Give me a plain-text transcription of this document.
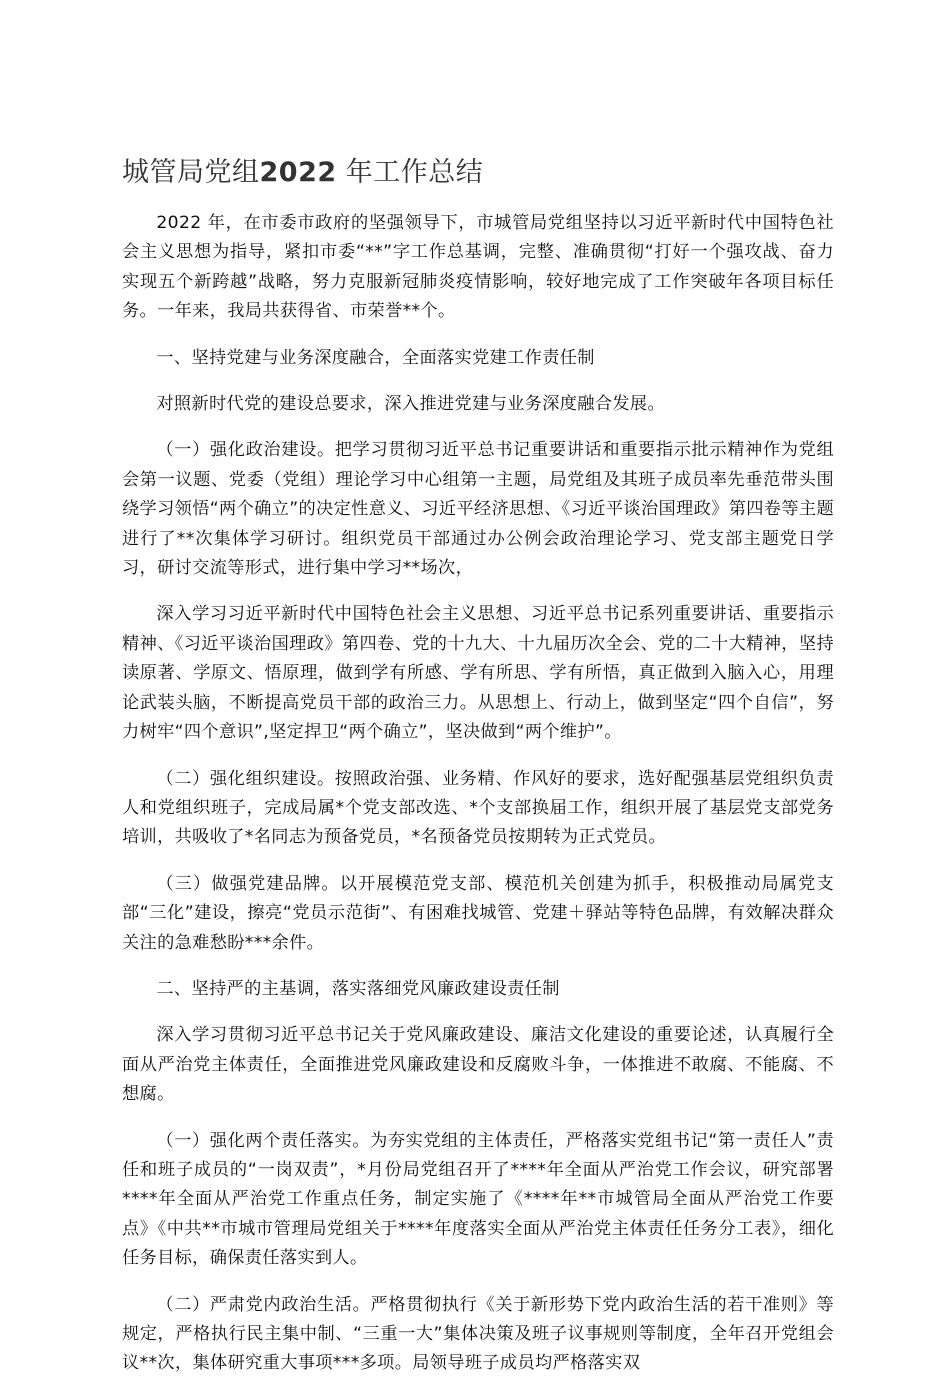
城管局党组2022 年工作总结

2022 年，在市委市政府的坚强领导下，市城管局党组坚持以习近平新时代中国特色社会主义思想为指导，紧扣市委“**”字工作总基调，完整、准确贯彻“打好一个强攻战、奋力实现五个新跨越”战略，努力克服新冠肺炎疫情影响，较好地完成了工作突破年各项目标任务。一年来，我局共获得省、市荣誉**个。

一、坚持党建与业务深度融合，全面落实党建工作责任制

对照新时代党的建设总要求，深入推进党建与业务深度融合发展。

（一）强化政治建设。把学习贯彻习近平总书记重要讲话和重要指示批示精神作为党组会第一议题、党委（党组）理论学习中心组第一主题，局党组及其班子成员率先垂范带头围绕学习领悟“两个确立”的决定性意义、习近平经济思想、《习近平谈治国理政》第四卷等主题进行了**次集体学习研讨。组织党员干部通过办公例会政治理论学习、党支部主题党日学习，研讨交流等形式，进行集中学习**场次，

深入学习习近平新时代中国特色社会主义思想、习近平总书记系列重要讲话、重要指示精神、《习近平谈治国理政》第四卷、党的十九大、十九届历次全会、党的二十大精神，坚持读原著、学原文、悟原理，做到学有所感、学有所思、学有所悟，真正做到入脑入心，用理论武装头脑，不断提高党员干部的政治三力。从思想上、行动上，做到坚定“四个自信”，努力树牢“四个意识”,坚定捍卫“两个确立”，坚决做到“两个维护”。

（二）强化组织建设。按照政治强、业务精、作风好的要求，选好配强基层党组织负责人和党组织班子，完成局属*个党支部改选、*个支部换届工作，组织开展了基层党支部党务培训，共吸收了*名同志为预备党员，*名预备党员按期转为正式党员。

（三）做强党建品牌。以开展模范党支部、模范机关创建为抓手，积极推动局属党支部“三化”建设，擦亮“党员示范街”、有困难找城管、党建＋驿站等特色品牌，有效解决群众关注的急难愁盼***余件。

二、坚持严的主基调，落实落细党风廉政建设责任制

深入学习贯彻习近平总书记关于党风廉政建设、廉洁文化建设的重要论述，认真履行全面从严治党主体责任，全面推进党风廉政建设和反腐败斗争，一体推进不敢腐、不能腐、不想腐。

（一）强化两个责任落实。为夯实党组的主体责任，严格落实党组书记“第一责任人”责任和班子成员的“一岗双责”，*月份局党组召开了****年全面从严治党工作会议，研究部署****年全面从严治党工作重点任务，制定实施了《****年**市城管局全面从严治党工作要点》《中共**市城市管理局党组关于****年度落实全面从严治党主体责任任务分工表》，细化任务目标，确保责任落实到人。

（二）严肃党内政治生活。严格贯彻执行《关于新形势下党内政治生活的若干准则》等规定，严格执行民主集中制、“三重一大”集体决策及班子议事规则等制度，全年召开党组会议**次，集体研究重大事项***多项。局领导班子成员均严格落实双
